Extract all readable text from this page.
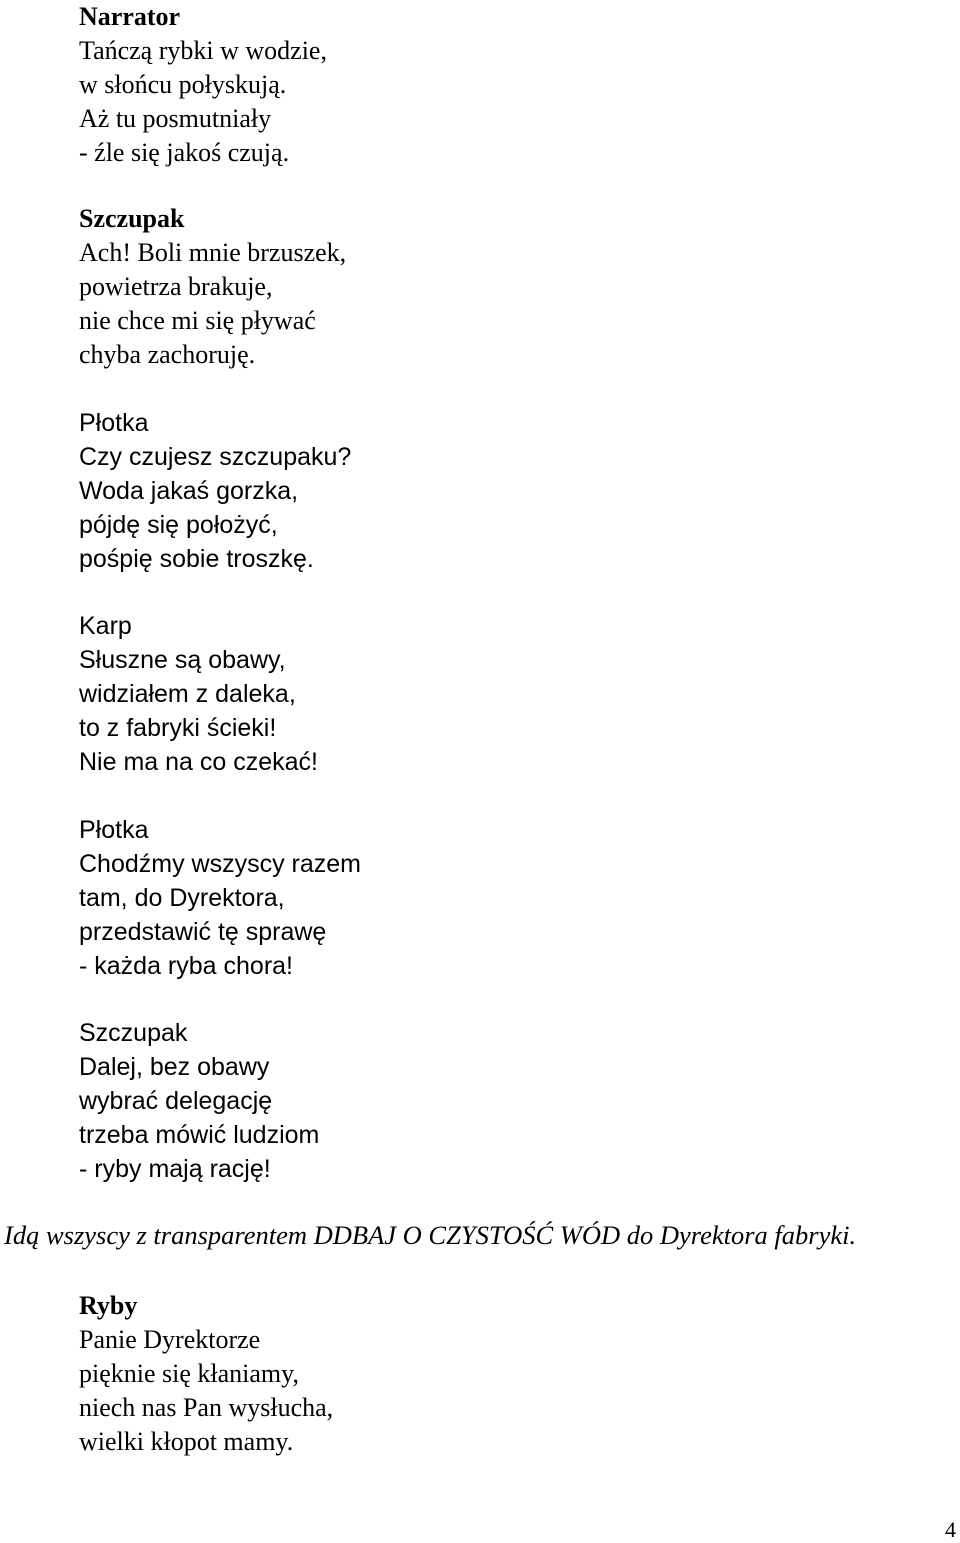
Narrator
Tańczą rybki w wodzie,
w słońcu połyskują.
Aż tu posmutniały
- źle się jakoś czują.
Szczupak
Ach! Boli mnie brzuszek,
powietrza brakuje,
nie chce mi się pływać
chyba zachoruję.
Płotka
Czy czujesz szczupaku?
Woda jakaś gorzka,
pójdę się położyć,
pośpię sobie troszkę.
Karp
Słuszne są obawy,
widziałem z daleka,
to z fabryki ścieki!
Nie ma na co czekać!
Płotka
Chodźmy wszyscy razem
tam, do Dyrektora,
przedstawić tę sprawę
- każda ryba chora!
Szczupak
Dalej, bez obawy
wybrać delegację
trzeba mówić ludziom
- ryby mają rację!
Idą wszyscy z transparentem DDBAJ O CZYSTOŚĆ WÓD do Dyrektora fabryki.
Ryby
Panie Dyrektorze
pięknie się kłaniamy,
niech nas Pan wysłucha,
wielki kłopot mamy.
4
